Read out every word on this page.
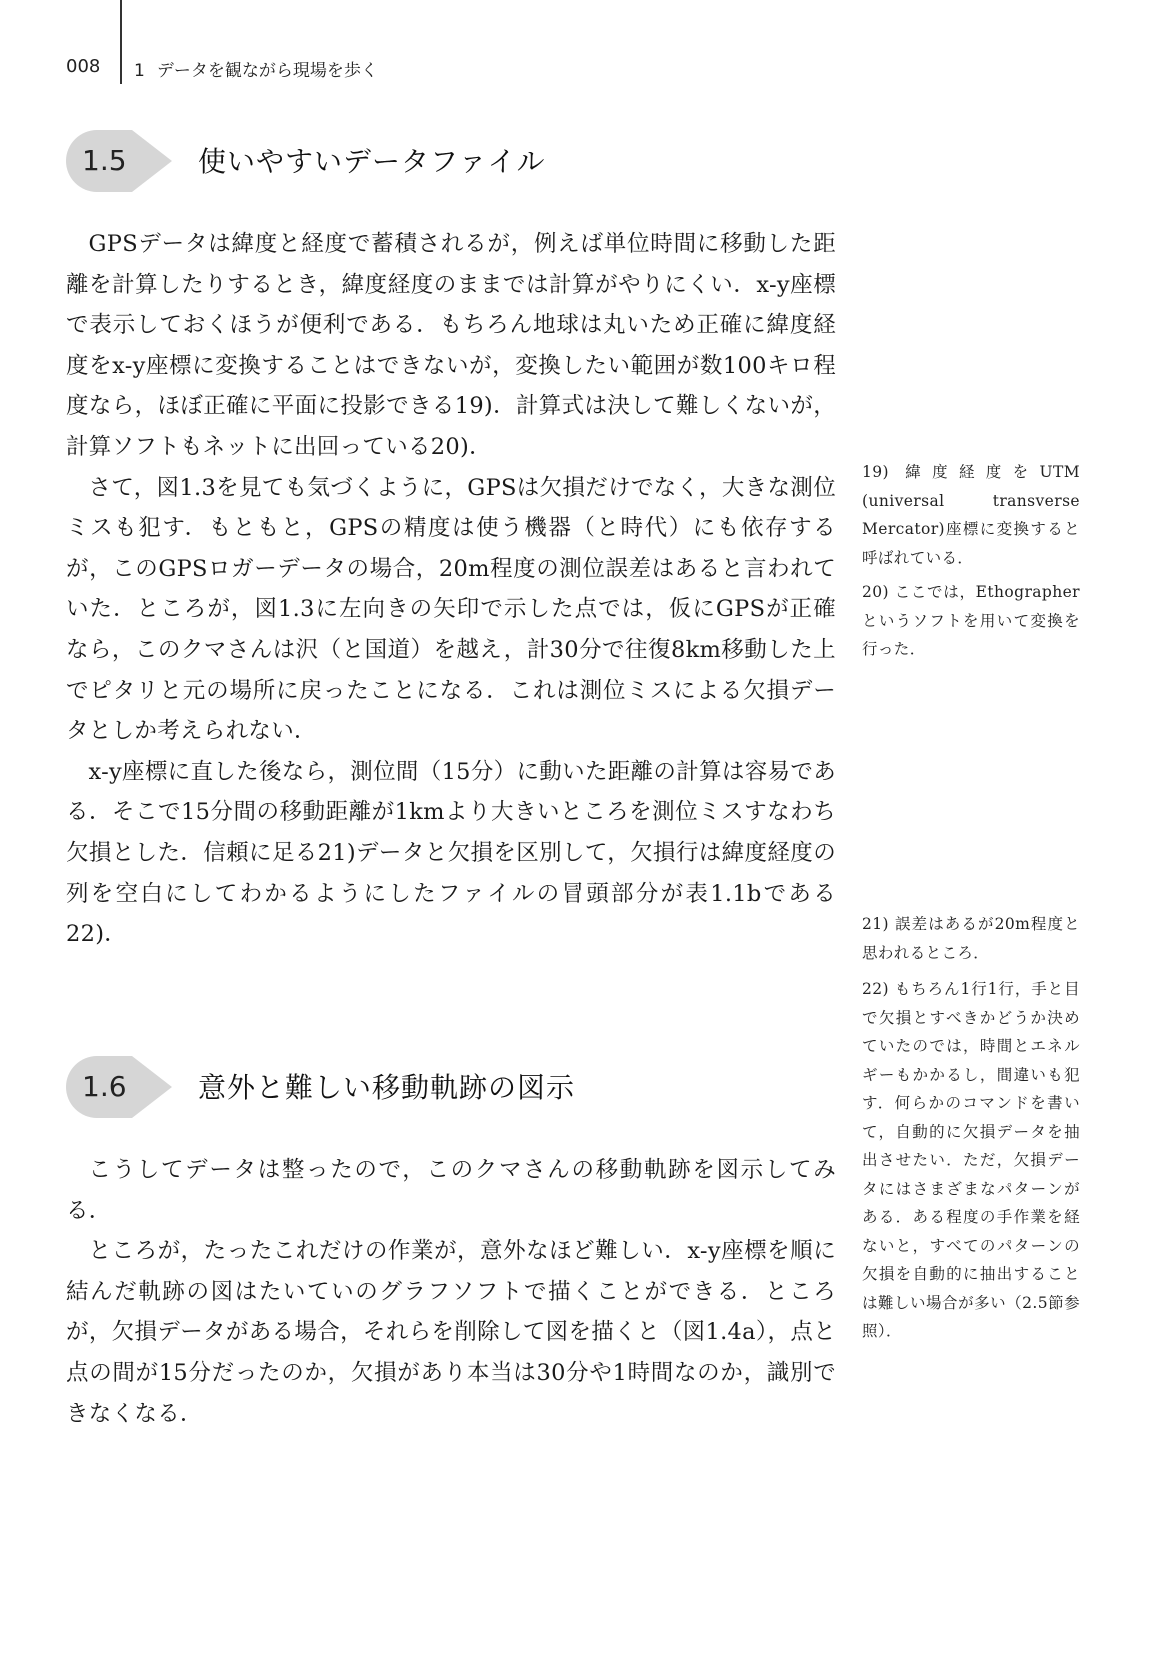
008 1 データを観ながら現場を歩く
1.5	使いやすいデータファイル

GPSデータは緯度と経度で蓄積されるが，例えば単位時間に移動した距離を計算したりするとき，緯度経度のままでは計算がやりにくい．x-y座標で表示しておくほうが便利である．もちろん地球は丸いため正確に緯度経度をx-y座標に変換することはできないが，変換したい範囲が数100キロ程度なら，ほぼ正確に平面に投影できる19)．計算式は決して難しくないが，計算ソフトもネットに出回っている20)．

さて，図1.3を見ても気づくように，GPSは欠損だけでなく，大きな測位ミスも犯す．もともと，GPSの精度は使う機器（と時代）にも依存するが，このGPSロガーデータの場合，20m程度の測位誤差はあると言われていた．ところが，図1.3に左向きの矢印で示した点では，仮にGPSが正確なら，このクマさんは沢（と国道）を越え，計30分で往復8km移動した上でピタリと元の場所に戻ったことになる．これは測位ミスによる欠損データとしか考えられない．

x-y座標に直した後なら，測位間（15分）に動いた距離の計算は容易である．そこで15分間の移動距離が1kmより大きいところを測位ミスすなわち欠損とした．信頼に足る21)データと欠損を区別して，欠損行は緯度経度の列を空白にしてわかるようにしたファイルの冒頭部分が表1.1bである22)．

1.6	意外と難しい移動軌跡の図示

こうしてデータは整ったので，このクマさんの移動軌跡を図示してみる．

ところが，たったこれだけの作業が，意外なほど難しい．x-y座標を順に結んだ軌跡の図はたいていのグラフソフトで描くことができる．ところが，欠損データがある場合，それらを削除して図を描くと（図1.4a），点と点の間が15分だったのか，欠損があり本当は30分や1時間なのか，識別できなくなる．

19) 緯度経度をUTM (universal transverse Mercator)座標に変換すると呼ばれている．
20) ここでは，Ethographerというソフトを用いて変換を行った．
21) 誤差はあるが20m程度と思われるところ．
22) もちろん1行1行，手と目で欠損とすべきかどうか決めていたのでは，時間とエネルギーもかかるし，間違いも犯す．何らかのコマンドを書いて，自動的に欠損データを抽出させたい．ただ，欠損データにはさまざまなパターンがある．ある程度の手作業を経ないと，すべてのパターンの欠損を自動的に抽出することは難しい場合が多い（2.5節参照）．
